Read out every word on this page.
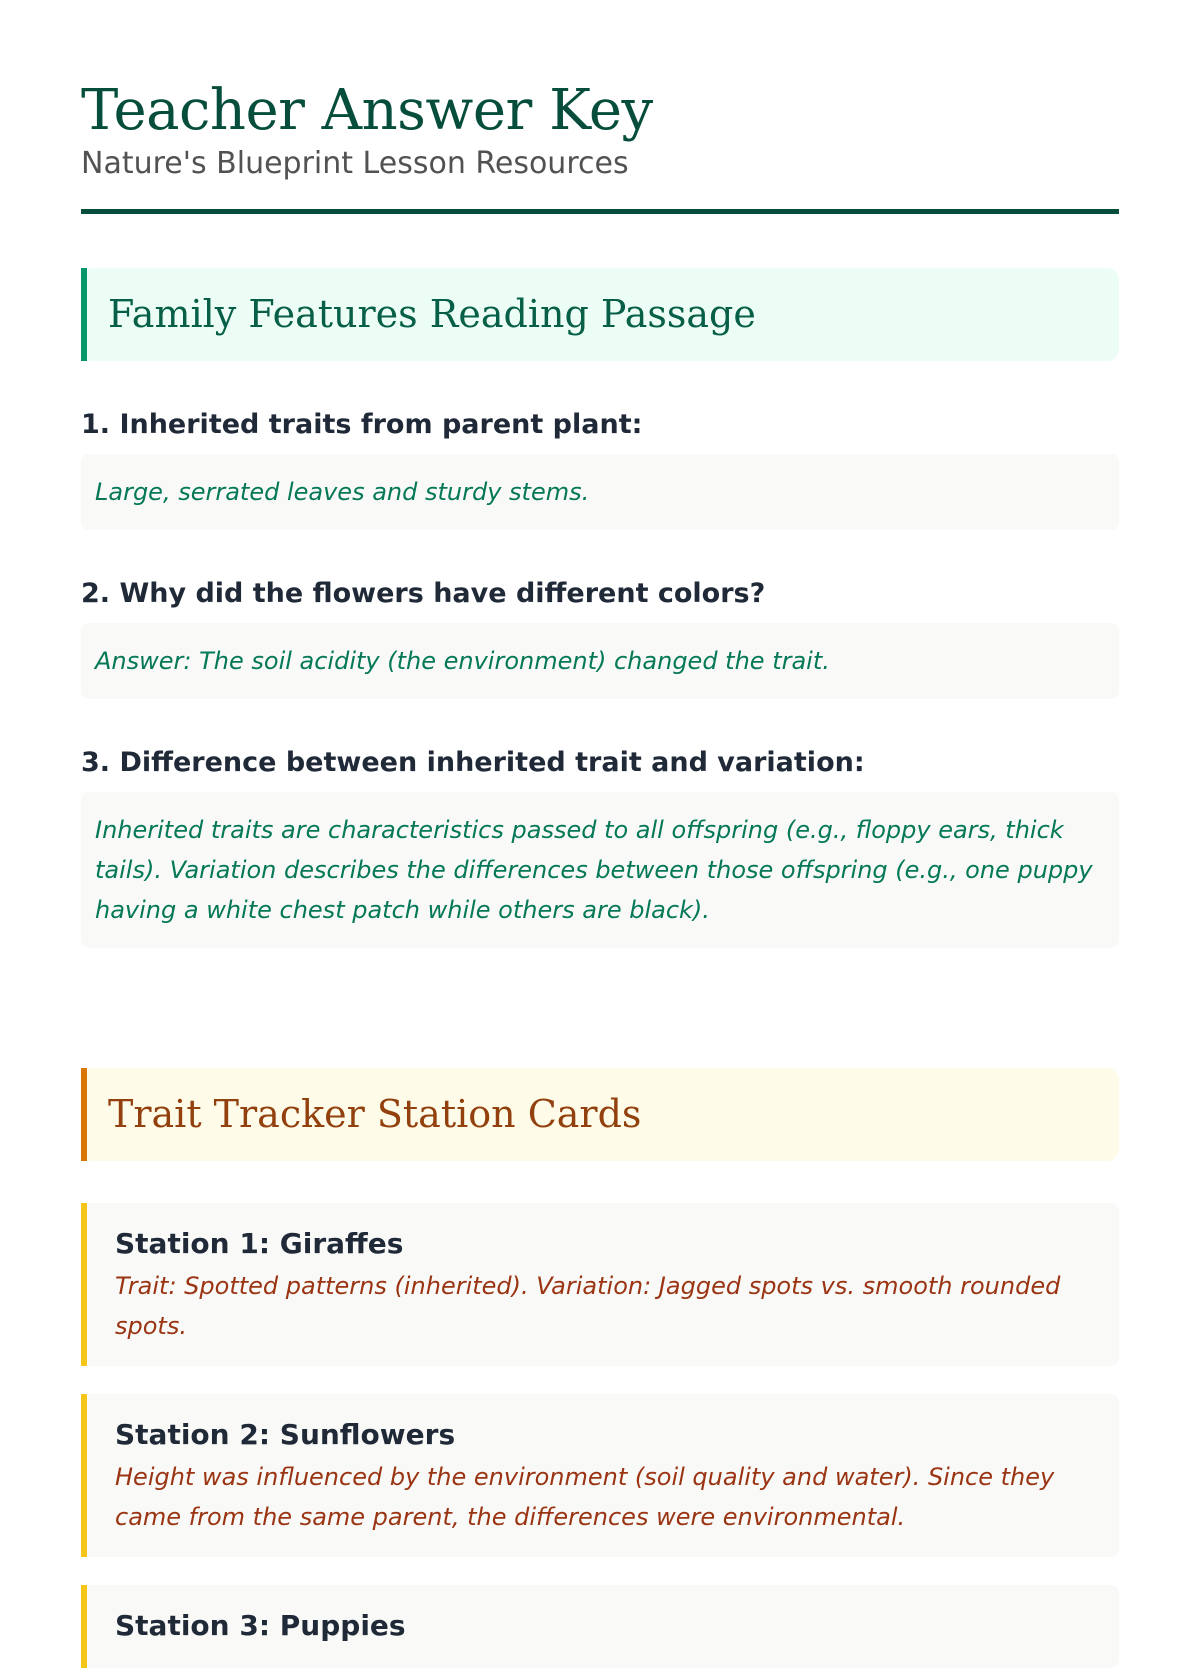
Teacher Answer Key
Nature's Blueprint Lesson Resources
Family Features Reading Passage
1. Inherited traits from parent plant:
Large, serrated leaves and sturdy stems.
2. Why did the flowers have different colors?
Answer: The soil acidity (the environment) changed the trait.
3. Difference between inherited trait and variation:
Inherited traits are characteristics passed to all offspring (e.g., floppy ears, thick tails). Variation describes the differences between those offspring (e.g., one puppy having a white chest patch while others are black).
Trait Tracker Station Cards
Station 1: Giraffes
Trait: Spotted patterns (inherited). Variation: Jagged spots vs. smooth rounded spots.
Station 2: Sunflowers
Height was influenced by the environment (soil quality and water). Since they came from the same parent, the differences were environmental.
Station 3: Puppies
